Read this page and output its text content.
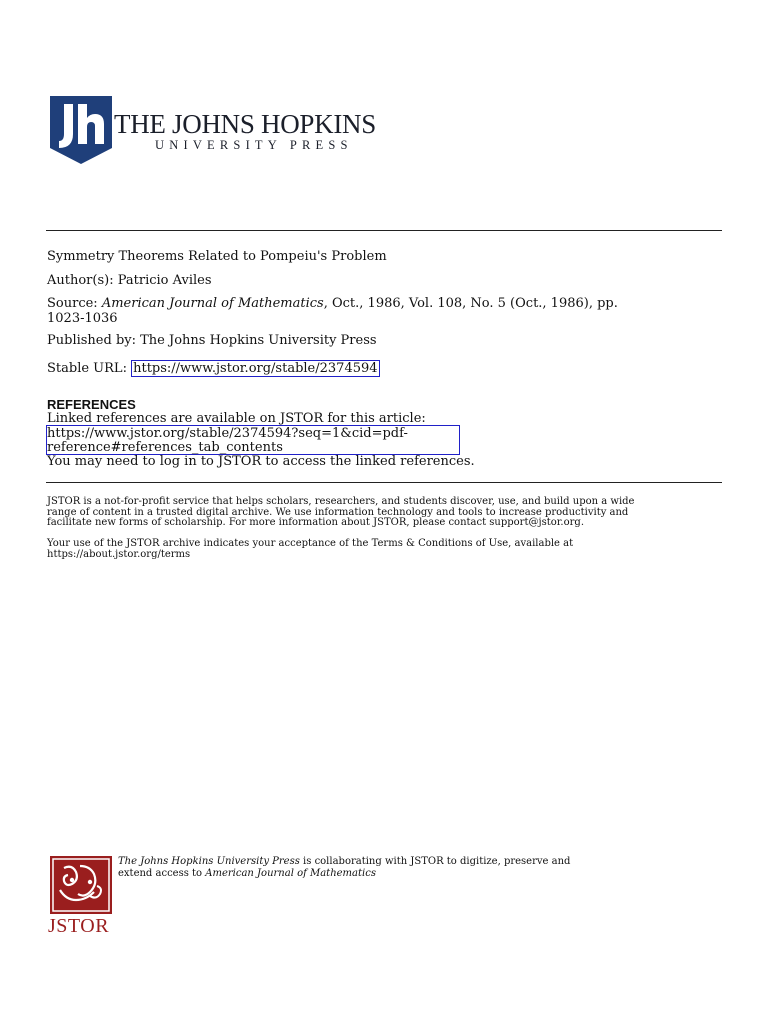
THE JOHNS HOPKINS
UNIVERSITY PRESS
Symmetry Theorems Related to Pompeiu's Problem
Author(s): Patricio Aviles
Source: American Journal of Mathematics, Oct., 1986, Vol. 108, No. 5 (Oct., 1986), pp.
1023-1036
Published by: The Johns Hopkins University Press
Stable URL: https://www.jstor.org/stable/2374594
REFERENCES
Linked references are available on JSTOR for this article:
https://www.jstor.org/stable/2374594?seq=1&cid=pdf-
reference#references_tab_contents
You may need to log in to JSTOR to access the linked references.
JSTOR is a not-for-profit service that helps scholars, researchers, and students discover, use, and build upon a wide
range of content in a trusted digital archive. We use information technology and tools to increase productivity and
facilitate new forms of scholarship. For more information about JSTOR, please contact support@jstor.org.
Your use of the JSTOR archive indicates your acceptance of the Terms & Conditions of Use, available at
https://about.jstor.org/terms
JSTOR
The Johns Hopkins University Press is collaborating with JSTOR to digitize, preserve and
extend access to American Journal of Mathematics
